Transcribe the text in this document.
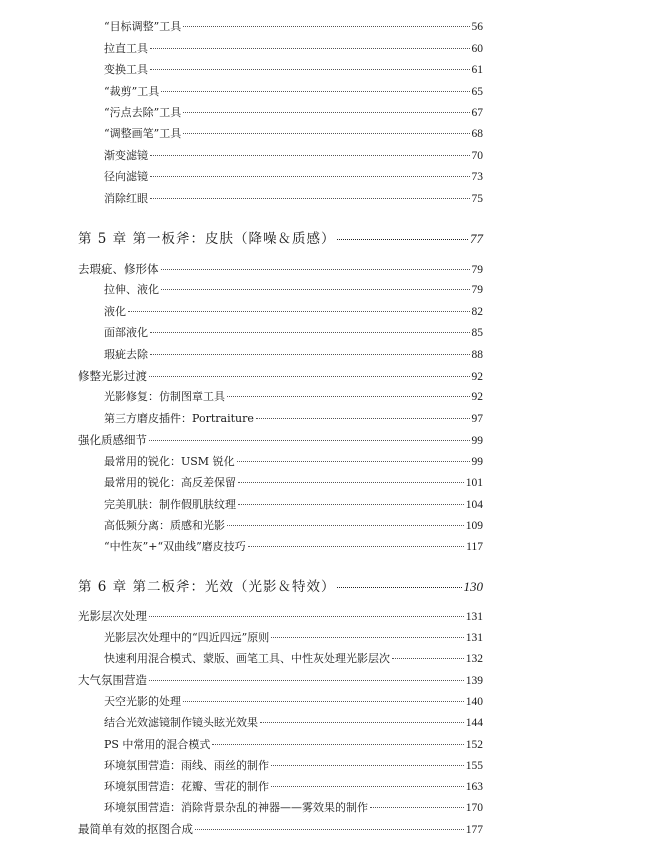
“目标调整”工具	56
拉直工具	60
变换工具	61
“裁剪”工具	65
“污点去除”工具	67
“调整画笔”工具	68
渐变滤镜	70
径向滤镜	73
消除红眼	75
第 5 章 第一板斧：皮肤（降噪＆质感）	77
去瑕疵、修形体	79
拉伸、液化	79
液化	82
面部液化	85
瑕疵去除	88
修整光影过渡	92
光影修复：仿制图章工具	92
第三方磨皮插件：Portraiture	97
强化质感细节	99
最常用的锐化：USM 锐化	99
最常用的锐化：高反差保留	101
完美肌肤：制作假肌肤纹理	104
高低频分离：质感和光影	109
“中性灰”+“双曲线”磨皮技巧	117
第 6 章 第二板斧：光效（光影＆特效）	130
光影层次处理	131
光影层次处理中的“四近四远”原则	131
快速利用混合模式、蒙版、画笔工具、中性灰处理光影层次	132
大气氛围营造	139
天空光影的处理	140
结合光效滤镜制作镜头眩光效果	144
PS 中常用的混合模式	152
环境氛围营造：雨线、雨丝的制作	155
环境氛围营造：花瓣、雪花的制作	163
环境氛围营造：消除背景杂乱的神器——雾效果的制作	170
最简单有效的抠图合成	177
